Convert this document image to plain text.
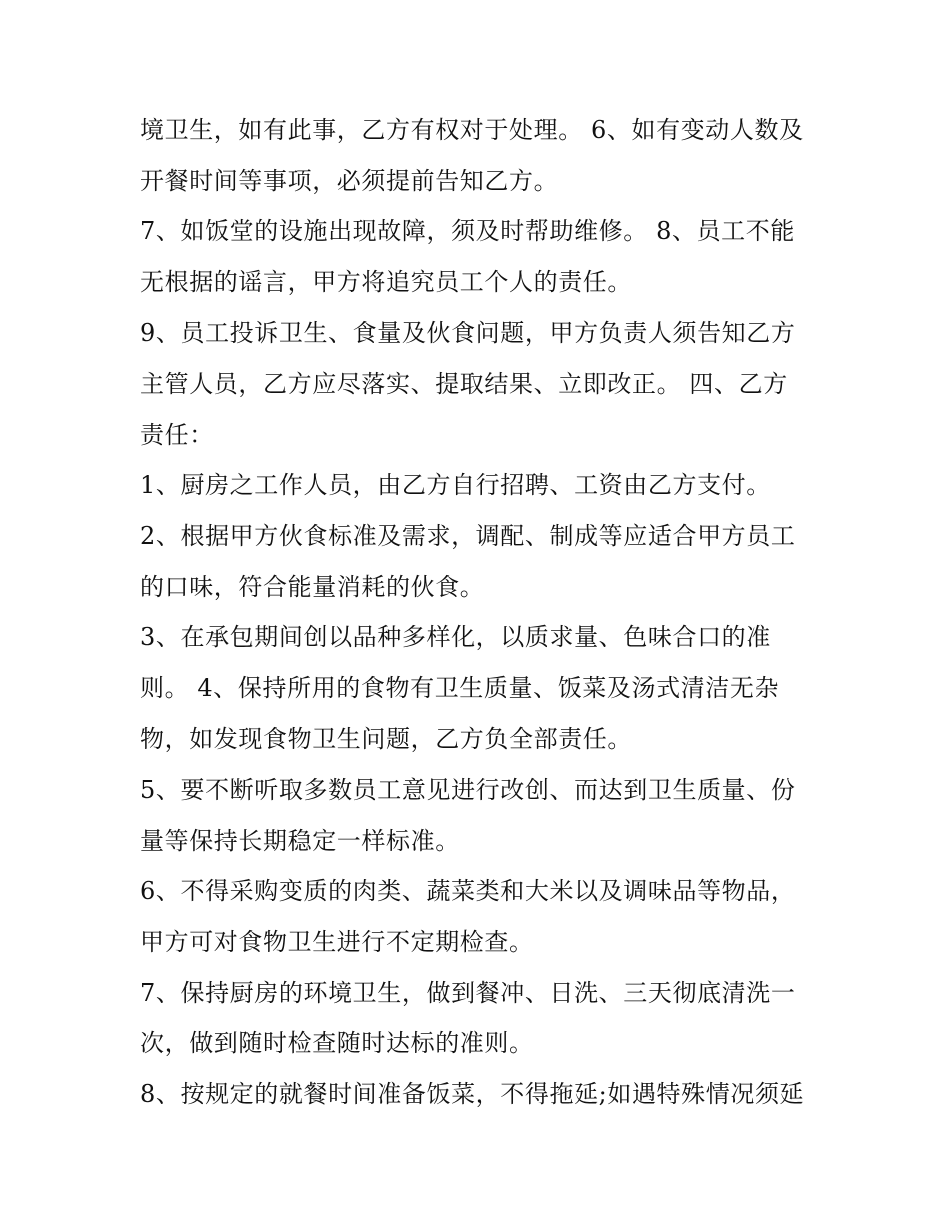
境卫生，如有此事，乙方有权对于处理。 6、如有变动人数及
开餐时间等事项，必须提前告知乙方。
7、如饭堂的设施出现故障，须及时帮助维修。 8、员工不能
无根据的谣言，甲方将追究员工个人的责任。
9、员工投诉卫生、食量及伙食问题，甲方负责人须告知乙方
主管人员，乙方应尽落实、提取结果、立即改正。 四、乙方
责任：
1、厨房之工作人员，由乙方自行招聘、工资由乙方支付。
2、根据甲方伙食标准及需求，调配、制成等应适合甲方员工
的口味，符合能量消耗的伙食。
3、在承包期间创以品种多样化，以质求量、色味合口的准
则。 4、保持所用的食物有卫生质量、饭菜及汤式清洁无杂
物，如发现食物卫生问题，乙方负全部责任。
5、要不断听取多数员工意见进行改创、而达到卫生质量、份
量等保持长期稳定一样标准。
6、不得采购变质的肉类、蔬菜类和大米以及调味品等物品，
甲方可对食物卫生进行不定期检查。
7、保持厨房的环境卫生，做到餐冲、日洗、三天彻底清洗一
次，做到随时检查随时达标的准则。
8、按规定的就餐时间准备饭菜，不得拖延;如遇特殊情况须延
